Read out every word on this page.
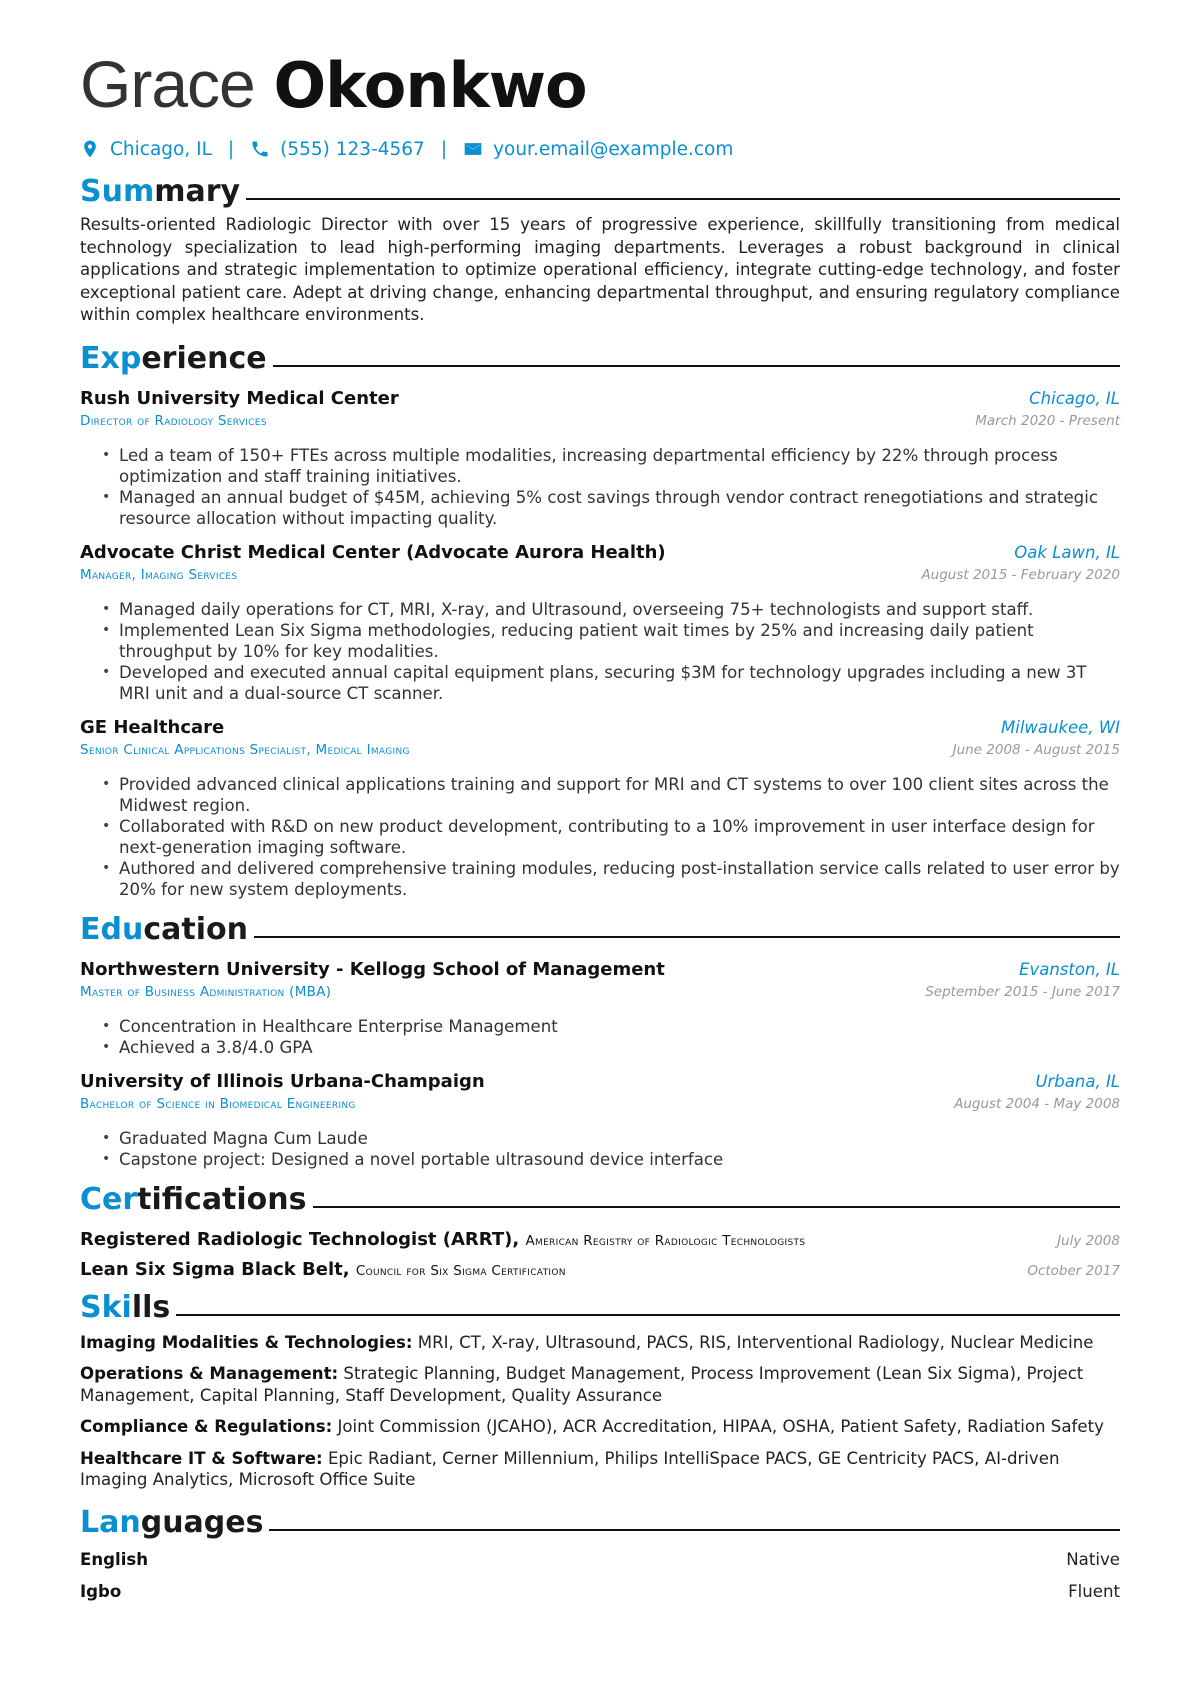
Grace Okonkwo
Chicago, IL | (555) 123-4567 | your.email@example.com
Summary
Results-oriented Radiologic Director with over 15 years of progressive experience, skillfully transitioning from medical technology specialization to lead high-performing imaging departments. Leverages a robust background in clinical applications and strategic implementation to optimize operational efficiency, integrate cutting-edge technology, and foster exceptional patient care. Adept at driving change, enhancing departmental throughput, and ensuring regulatory compliance within complex healthcare environments.
Experience
Rush University Medical Center	Chicago, IL
Director of Radiology Services	March 2020 - Present
• Led a team of 150+ FTEs across multiple modalities, increasing departmental efficiency by 22% through process optimization and staff training initiatives.
• Managed an annual budget of $45M, achieving 5% cost savings through vendor contract renegotiations and strategic resource allocation without impacting quality.
Advocate Christ Medical Center (Advocate Aurora Health)	Oak Lawn, IL
Manager, Imaging Services	August 2015 - February 2020
• Managed daily operations for CT, MRI, X-ray, and Ultrasound, overseeing 75+ technologists and support staff.
• Implemented Lean Six Sigma methodologies, reducing patient wait times by 25% and increasing daily patient throughput by 10% for key modalities.
• Developed and executed annual capital equipment plans, securing $3M for technology upgrades including a new 3T MRI unit and a dual-source CT scanner.
GE Healthcare	Milwaukee, WI
Senior Clinical Applications Specialist, Medical Imaging	June 2008 - August 2015
• Provided advanced clinical applications training and support for MRI and CT systems to over 100 client sites across the Midwest region.
• Collaborated with R&D on new product development, contributing to a 10% improvement in user interface design for next-generation imaging software.
• Authored and delivered comprehensive training modules, reducing post-installation service calls related to user error by 20% for new system deployments.
Education
Northwestern University - Kellogg School of Management	Evanston, IL
Master of Business Administration (MBA)	September 2015 - June 2017
• Concentration in Healthcare Enterprise Management
• Achieved a 3.8/4.0 GPA
University of Illinois Urbana-Champaign	Urbana, IL
Bachelor of Science in Biomedical Engineering	August 2004 - May 2008
• Graduated Magna Cum Laude
• Capstone project: Designed a novel portable ultrasound device interface
Certifications
Registered Radiologic Technologist (ARRT), American Registry of Radiologic Technologists	July 2008
Lean Six Sigma Black Belt, Council for Six Sigma Certification	October 2017
Skills
Imaging Modalities & Technologies: MRI, CT, X-ray, Ultrasound, PACS, RIS, Interventional Radiology, Nuclear Medicine
Operations & Management: Strategic Planning, Budget Management, Process Improvement (Lean Six Sigma), Project Management, Capital Planning, Staff Development, Quality Assurance
Compliance & Regulations: Joint Commission (JCAHO), ACR Accreditation, HIPAA, OSHA, Patient Safety, Radiation Safety
Healthcare IT & Software: Epic Radiant, Cerner Millennium, Philips IntelliSpace PACS, GE Centricity PACS, AI-driven Imaging Analytics, Microsoft Office Suite
Languages
English	Native
Igbo	Fluent
